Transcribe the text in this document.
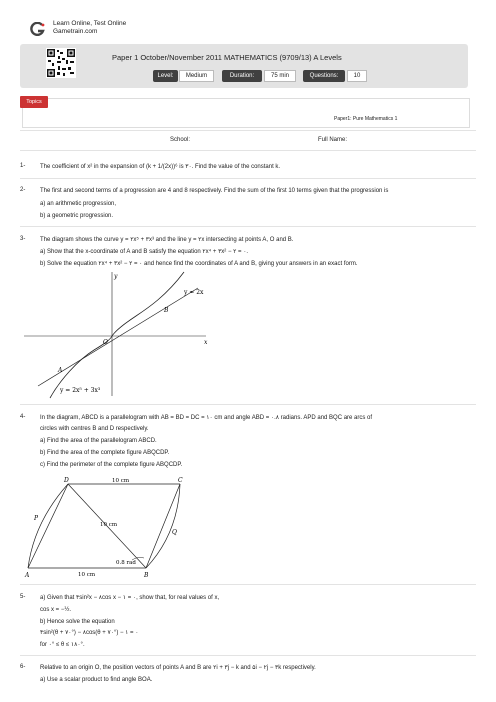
Learn Online, Test Online
Gametrain.com
Paper 1 October/November 2011 MATHEMATICS (9709/13) A Levels
Level:	Medium	Duration:	75 min	Questions:	10
Topics
Paper1: Pure Mathematics 1
School:	Full Name:
1- The coefficient of x² in the expansion of (k + 1/(2x))⁶ is ۳۰. Find the value of the constant k.
2- The first and second terms of a progression are 4 and 8 respectively. Find the sum of the first 10 terms given that the progression is
a) an arithmetic progression,
b) a geometric progression.
3- The diagram shows the curve y = ۲x⁵ + ۳x³ and the line y = ۲x intersecting at points A, O and B.
a) Show that the x-coordinate of A and B satisfy the equation ۲x⁴ + ۳x² − ۲ = ۰.
b) Solve the equation ۲x⁴ + ۳x² − ۲ = ۰ and hence find the coordinates of A and B, giving your answers in an exact form.
y = 2x
y = 2x⁵ + 3x³
y
x
O
A
B
4- In the diagram, ABCD is a parallelogram with AB = BD = DC = ۱۰ cm and angle ABD = ۰.۸ radians. APD and BQC are arcs of
circles with centres B and D respectively.
a) Find the area of the parallelogram ABCD.
b) Find the area of the complete figure ABQCDP.
c) Find the perimeter of the complete figure ABQCDP.
D	C
A	B
P
Q
10 cm
10 cm
10 cm
0.8 rad
5- a) Given that ۴sin²x − ۸cos x − ۱ = ۰, show that, for real values of x,
cos x = −½.
b) Hence solve the equation
۴sin²(θ + ۷۰°) − ۸cos(θ + ۷۰°) − ۱ = ۰
for ۰° ≤ θ ≤ ۱۸۰°.
6- Relative to an origin O, the position vectors of points A and B are ۲i + ۳j − k and ۵i − ۲j − ۳k respectively.
a) Use a scalar product to find angle BOA.
